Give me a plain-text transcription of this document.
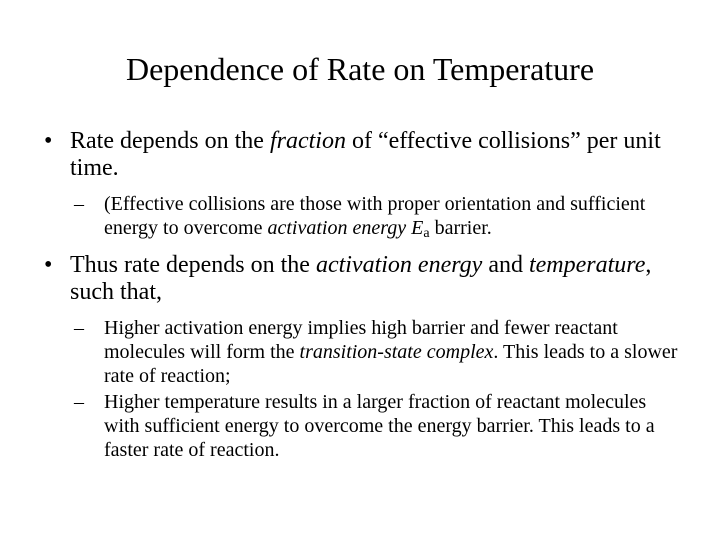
Dependence of Rate on Temperature
• Rate depends on the fraction of “effective collisions” per unit time.
– (Effective collisions are those with proper orientation and sufficient energy to overcome activation energy $E_a$ barrier.
• Thus rate depends on the activation energy and temperature, such that,
– Higher activation energy implies high barrier and fewer reactant molecules will form the transition-state complex. This leads to a slower rate of reaction;
– Higher temperature results in a larger fraction of reactant molecules with sufficient energy to overcome the energy barrier. This leads to a faster rate of reaction.
